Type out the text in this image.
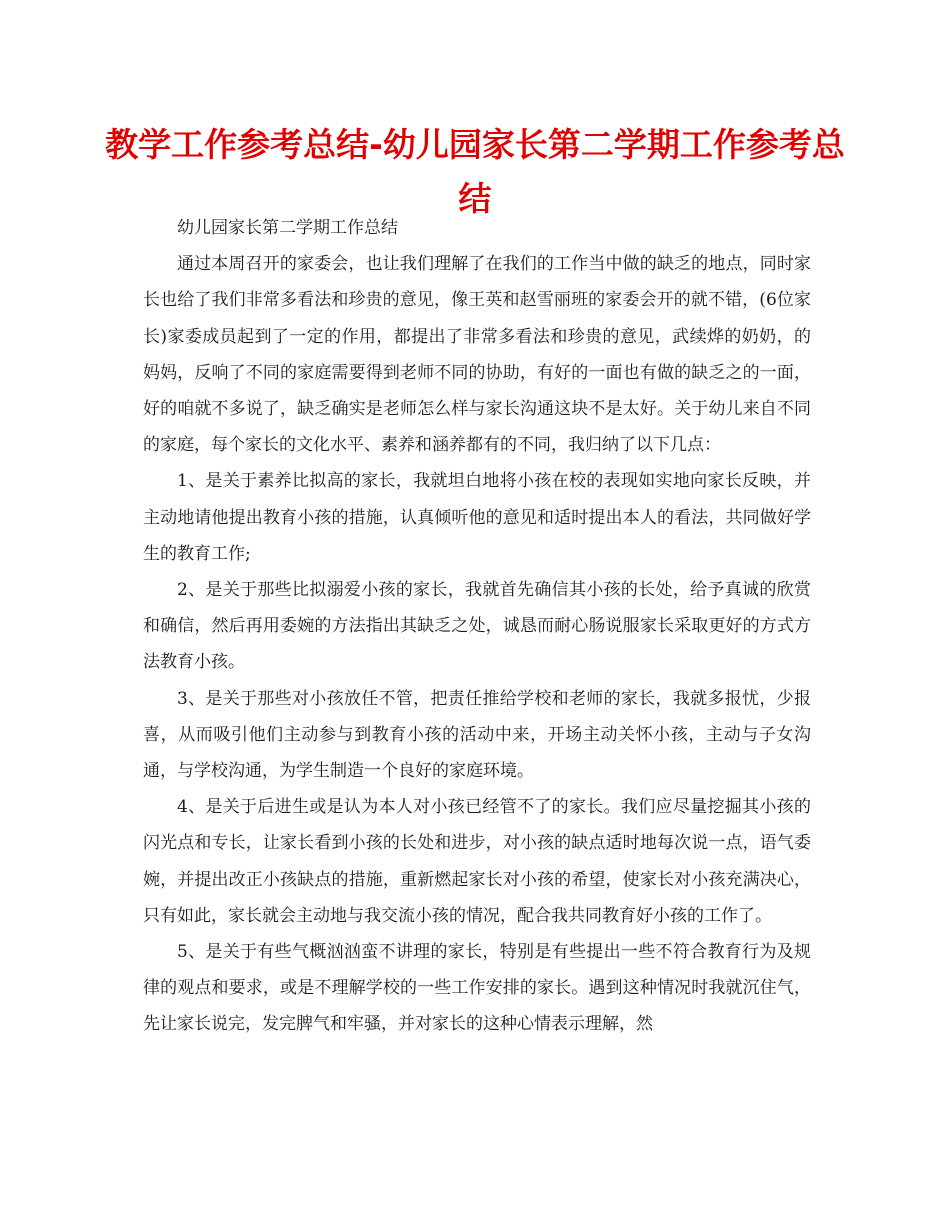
教学工作参考总结-幼儿园家长第二学期工作参考总结

幼儿园家长第二学期工作总结

通过本周召开的家委会，也让我们理解了在我们的工作当中做的缺乏的地点，同时家长也给了我们非常多看法和珍贵的意见，像王英和赵雪丽班的家委会开的就不错，(6位家长)家委成员起到了一定的作用，都提出了非常多看法和珍贵的意见，武续烨的奶奶，的妈妈，反响了不同的家庭需要得到老师不同的协助，有好的一面也有做的缺乏之的一面，好的咱就不多说了，缺乏确实是老师怎么样与家长沟通这块不是太好。关于幼儿来自不同的家庭，每个家长的文化水平、素养和涵养都有的不同，我归纳了以下几点：

1、是关于素养比拟高的家长，我就坦白地将小孩在校的表现如实地向家长反映，并主动地请他提出教育小孩的措施，认真倾听他的意见和适时提出本人的看法，共同做好学生的教育工作;

2、是关于那些比拟溺爱小孩的家长，我就首先确信其小孩的长处，给予真诚的欣赏和确信，然后再用委婉的方法指出其缺乏之处，诚恳而耐心肠说服家长采取更好的方式方法教育小孩。

3、是关于那些对小孩放任不管，把责任推给学校和老师的家长，我就多报忧，少报喜，从而吸引他们主动参与到教育小孩的活动中来，开场主动关怀小孩，主动与子女沟通，与学校沟通，为学生制造一个良好的家庭环境。

4、是关于后进生或是认为本人对小孩已经管不了的家长。我们应尽量挖掘其小孩的闪光点和专长，让家长看到小孩的长处和进步，对小孩的缺点适时地每次说一点，语气委婉，并提出改正小孩缺点的措施，重新燃起家长对小孩的希望，使家长对小孩充满决心，只有如此，家长就会主动地与我交流小孩的情况，配合我共同教育好小孩的工作了。

5、是关于有些气概汹汹蛮不讲理的家长，特别是有些提出一些不符合教育行为及规律的观点和要求，或是不理解学校的一些工作安排的家长。遇到这种情况时我就沉住气，先让家长说完，发完脾气和牢骚，并对家长的这种心情表示理解，然
